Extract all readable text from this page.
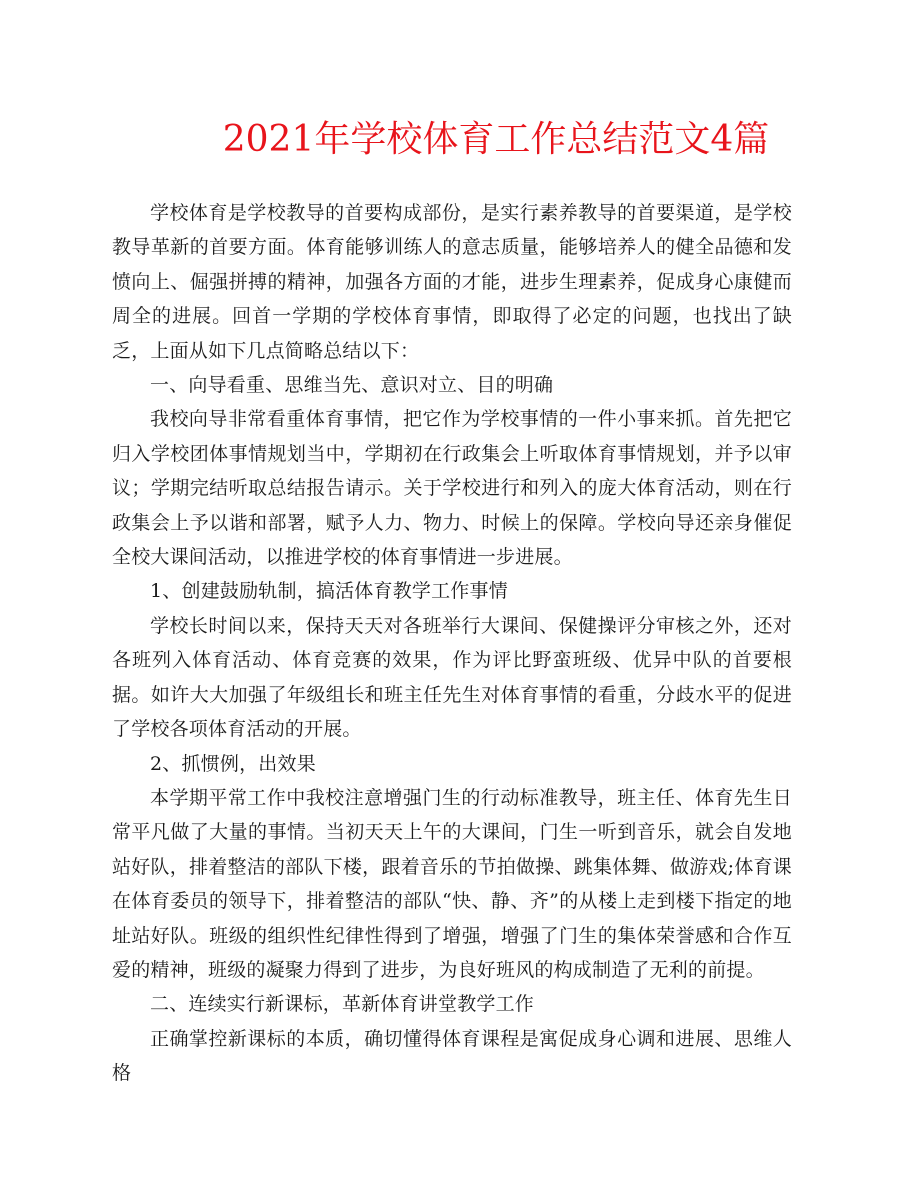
2021年学校体育工作总结范文4篇

学校体育是学校教导的首要构成部份，是实行素养教导的首要渠道，是学校教导革新的首要方面。体育能够训练人的意志质量，能够培养人的健全品德和发愤向上、倔强拼搏的精神，加强各方面的才能，进步生理素养，促成身心康健而周全的进展。回首一学期的学校体育事情，即取得了必定的问题，也找出了缺乏，上面从如下几点简略总结以下：

一、向导看重、思维当先、意识对立、目的明确

我校向导非常看重体育事情，把它作为学校事情的一件小事来抓。首先把它归入学校团体事情规划当中，学期初在行政集会上听取体育事情规划，并予以审议；学期完结听取总结报告请示。关于学校进行和列入的庞大体育活动，则在行政集会上予以谐和部署，赋予人力、物力、时候上的保障。学校向导还亲身催促全校大课间活动，以推进学校的体育事情进一步进展。

1、创建鼓励轨制，搞活体育教学工作事情

学校长时间以来，保持天天对各班举行大课间、保健操评分审核之外，还对各班列入体育活动、体育竞赛的效果，作为评比野蛮班级、优异中队的首要根据。如许大大加强了年级组长和班主任先生对体育事情的看重，分歧水平的促进了学校各项体育活动的开展。

2、抓惯例，出效果

本学期平常工作中我校注意增强门生的行动标准教导，班主任、体育先生日常平凡做了大量的事情。当初天天上午的大课间，门生一听到音乐，就会自发地站好队，排着整洁的部队下楼，跟着音乐的节拍做操、跳集体舞、做游戏;体育课在体育委员的领导下，排着整洁的部队“快、静、齐”的从楼上走到楼下指定的地址站好队。班级的组织性纪律性得到了增强，增强了门生的集体荣誉感和合作互爱的精神，班级的凝聚力得到了进步，为良好班风的构成制造了无利的前提。

二、连续实行新课标，革新体育讲堂教学工作

正确掌控新课标的本质，确切懂得体育课程是寓促成身心调和进展、思维人格
